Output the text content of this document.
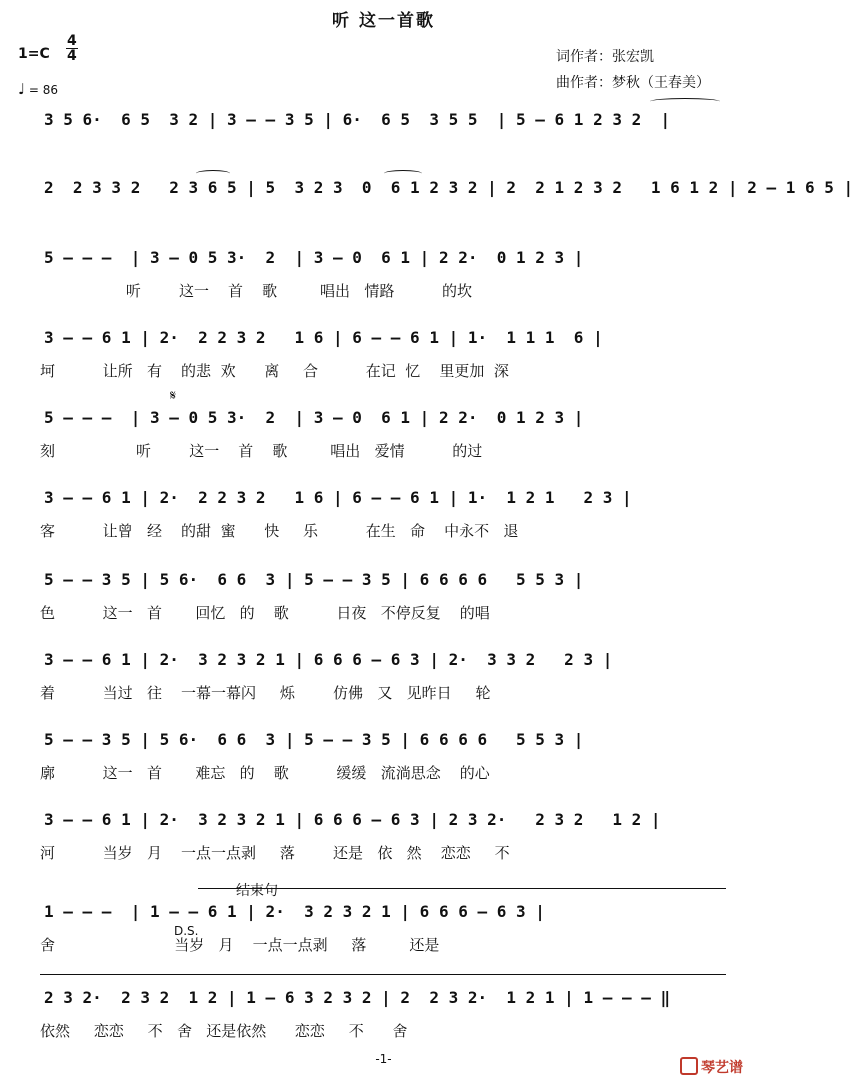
听 这一首歌
1=C
4
4
♩ = 86
词作者：张宏凯
曲作者：梦秋（王春美）
3 5 6·  6 5  3 2 | 3 — — 3 5 | 6·  6 5  3 5 5  | 5 — 6 1 2 3 2  |
2  2 3 3 2   2 3 6 5 | 5  3 2 3  0  6 1 2 3 2 | 2  2 1 2 3 2   1 6 1 2 | 2 — 1 6 5 |
5 — — —  | 3 — 0 5 3·  2  | 3 — 0  6 1 | 2 2·  0 1 2 3 |
听        这一    首    歌         唱出   情路          的坎
3 — — 6 1 | 2·  2 2 3 2   1 6 | 6 — — 6 1 | 1·  1 1 1  6 |
坷          让所   有    的悲  欢      离     合          在记  忆    里更加  深
5 — — —  | 3 — 0 5 3·  2  | 3 — 0  6 1 | 2 2·  0 1 2 3 |
刻                 听        这一    首    歌         唱出   爱情          的过
3 — — 6 1 | 2·  2 2 3 2   1 6 | 6 — — 6 1 | 1·  1 2 1   2 3 |
客          让曾   经    的甜  蜜      快     乐          在生   命    中永不   退
5 — — 3 5 | 5 6·  6 6  3 | 5 — — 3 5 | 6 6 6 6   5 5 3 |
色          这一   首       回忆   的    歌          日夜   不停反复    的唱
3 — — 6 1 | 2·  3 2 3 2 1 | 6 6 6 — 6 3 | 2·  3 3 2   2 3 |
着          当过   往    一幕一幕闪     烁        仿佛   又   见昨日     轮
5 — — 3 5 | 5 6·  6 6  3 | 5 — — 3 5 | 6 6 6 6   5 5 3 |
廓          这一   首       难忘   的    歌          缓缓   流淌思念    的心
3 — — 6 1 | 2·  3 2 3 2 1 | 6 6 6 — 6 3 | 2 3 2·   2 3 2   1 2 |
河          当岁   月    一点一点剥     落        还是   依   然    恋恋     不
1 — — —  | 1 — — 6 1 | 2·  3 2 3 2 1 | 6 6 6 — 6 3 |
舍                         当岁   月    一点一点剥     落         还是
2 3 2·  2 3 2  1 2 | 1 — 6 3 2 3 2 | 2  2 3 2·  1 2 1 | 1 — — — ‖
依然     恋恋     不   舍   还是依然      恋恋     不      舍
𝄋
D.S.
结束句
-1-
琴艺谱
